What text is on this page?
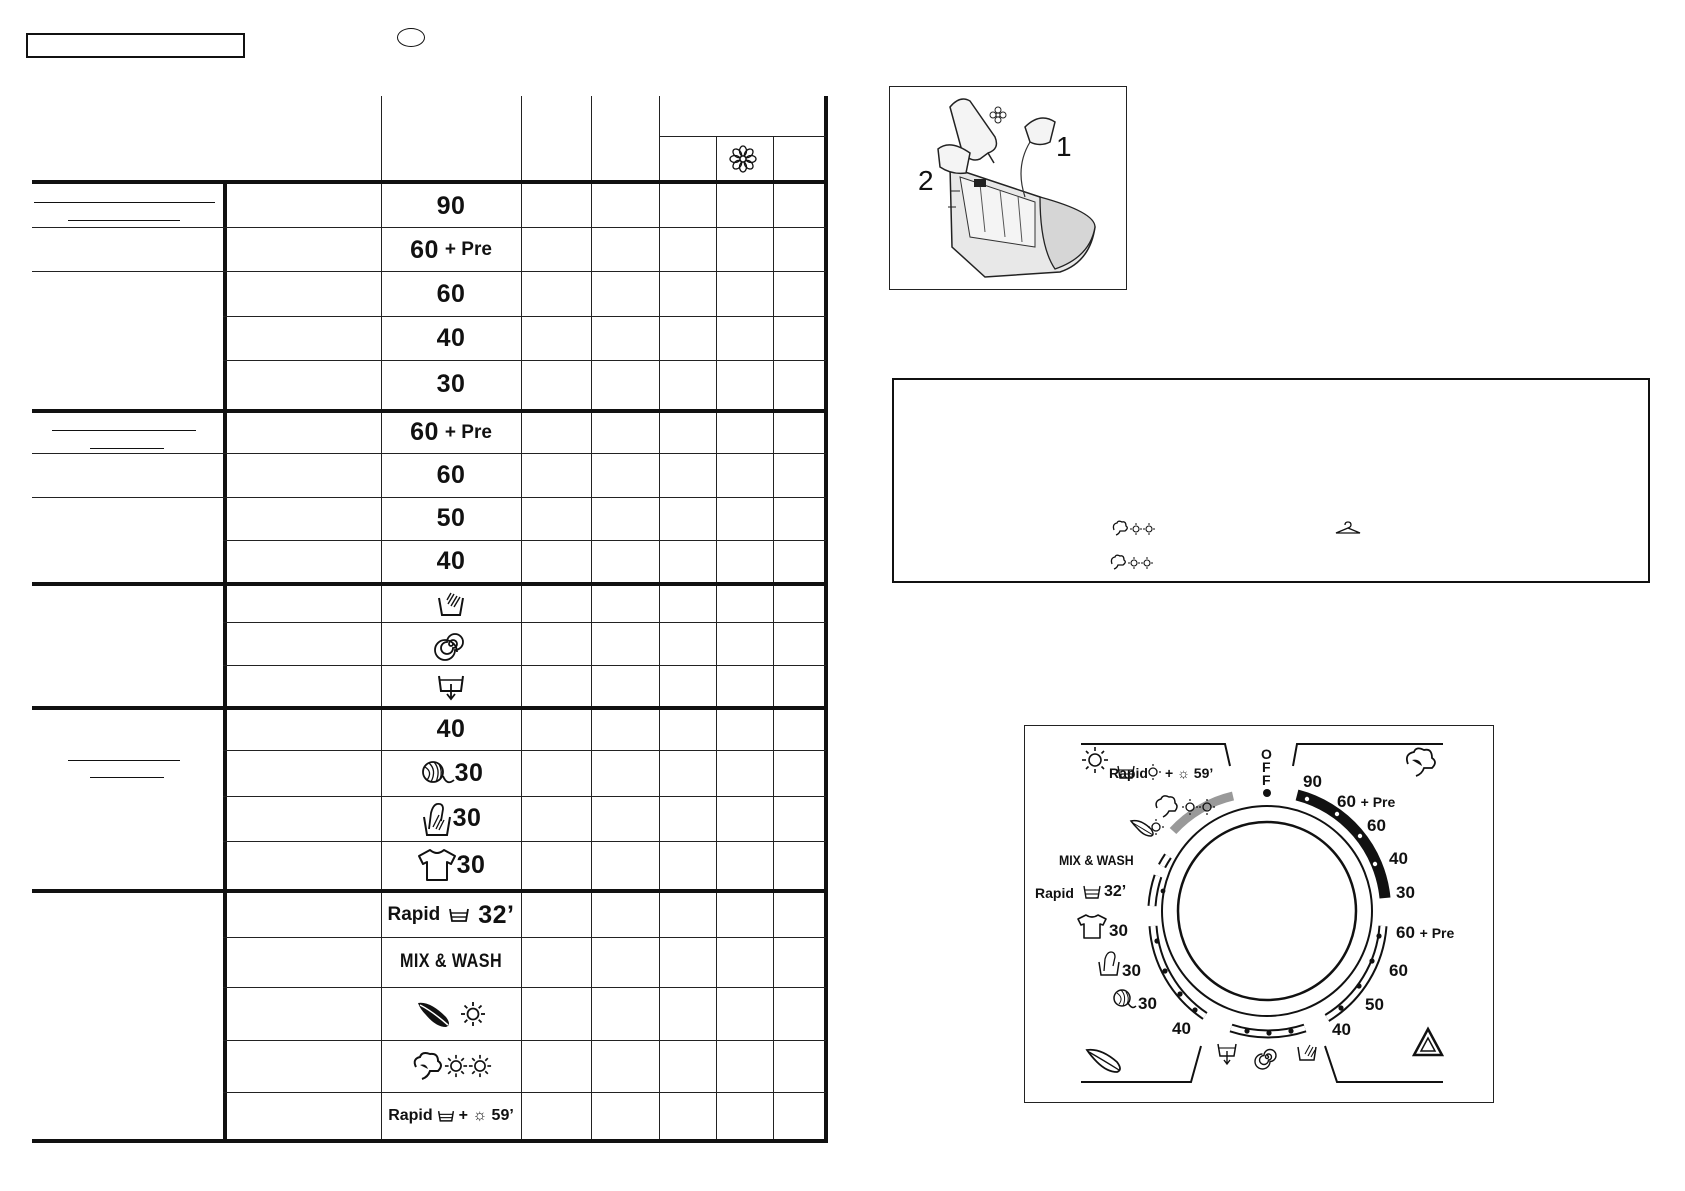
90
60 + Pre
60
40
30
60 + Pre
60
50
40
40
30
30
30
Rapid 32’
MIX & WASH
Rapid + ☼ 59’
1
2
O
F
F 90
60 + Pre
60
40
30
60 + Pre
60
50
40
Rapid + ☼ 59’
MIX & WASH
Rapid 32’
30
30
30
40
